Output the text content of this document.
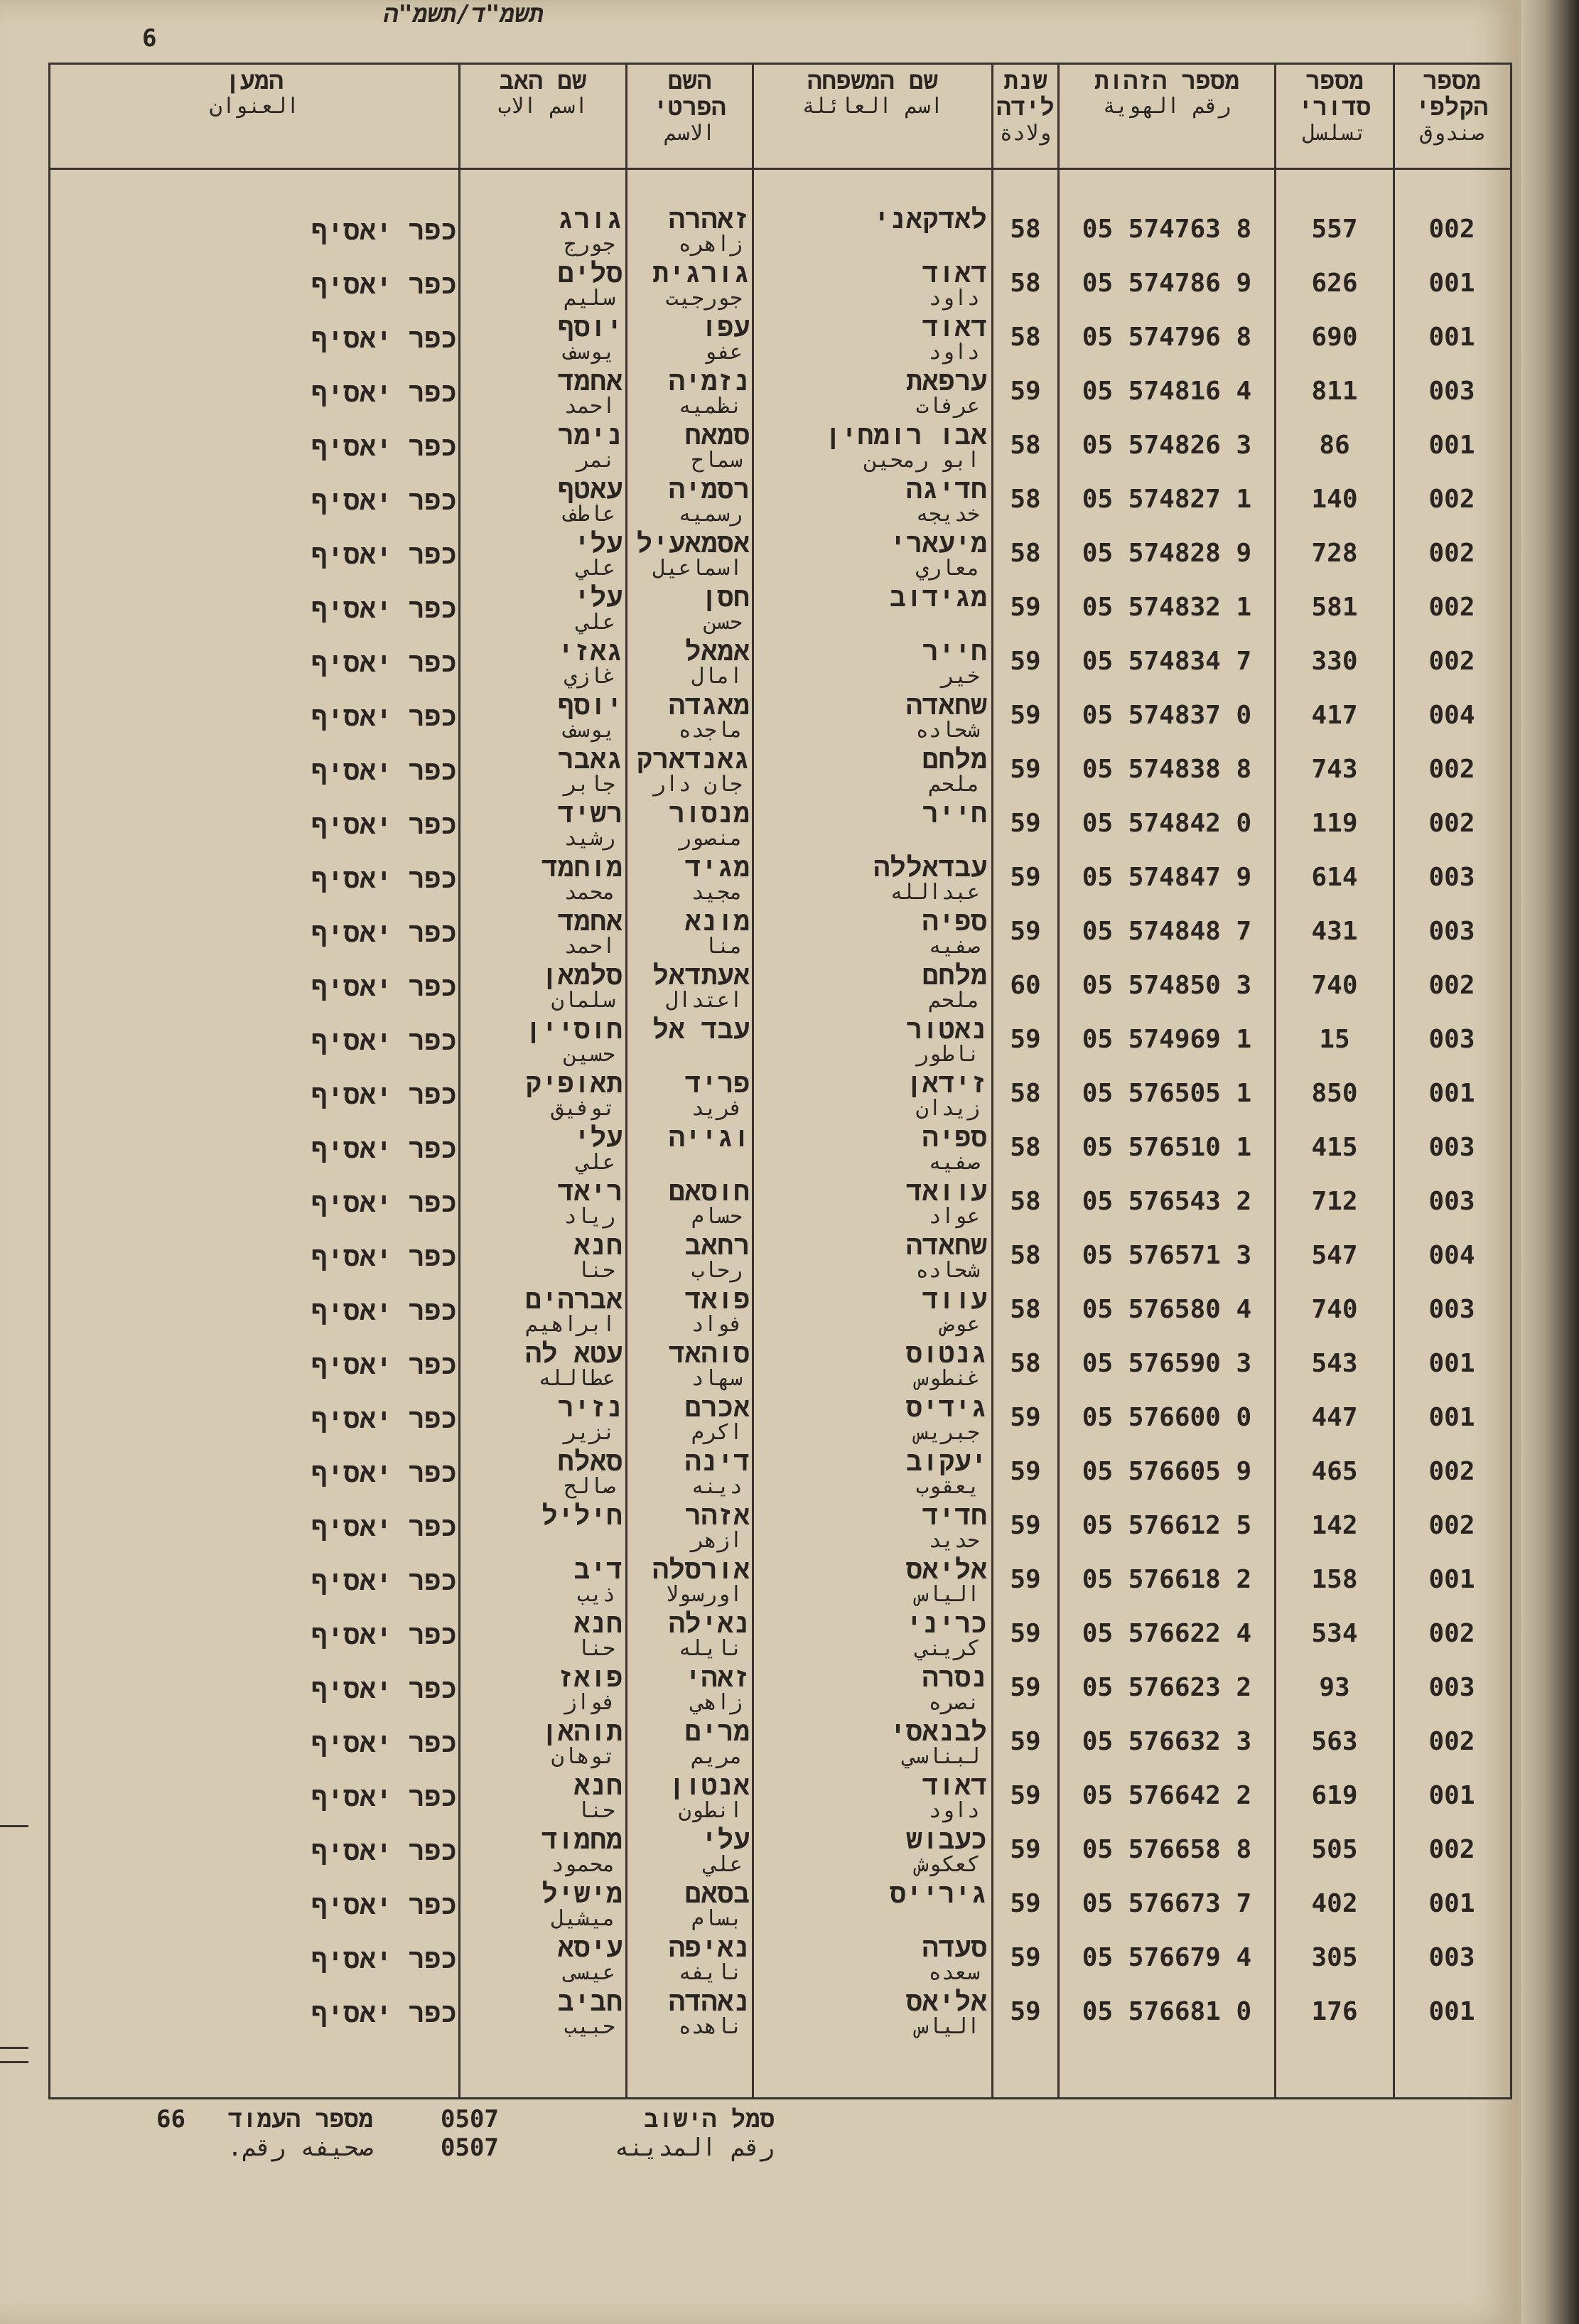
תשמ"ד/תשמ"ה
6
מספר הקלפי
صندوق
מספר סדורי
تسلسل
מספר הזהות
رقم الهوية
שנת לידה
ولادة
שם המשפחה
اسم العائلة
השם הפרטי
الاسم
שם האב
اسم الاب
המען
العنوان
002
557
05 574763 8
58
לאדקאני
זאהרה
زاهره
גורג
جورج
כפר יאסיף
001
626
05 574786 9
58
דאוד
داود
גורגית
جورجيت
סלים
سليم
כפר יאסיף
001
690
05 574796 8
58
דאוד
داود
עפו
عفو
יוסף
يوسف
כפר יאסיף
003
811
05 574816 4
59
ערפאת
عرفات
נזמיה
نظميه
אחמד
احمد
כפר יאסיף
001
86
05 574826 3
58
אבו רומחין
ابو رمحين
סמאח
سماح
נימר
نمر
כפר יאסיף
002
140
05 574827 1
58
חדיגה
خديجه
רסמיה
رسميه
עאטף
عاطف
כפר יאסיף
002
728
05 574828 9
58
מיעארי
معاري
אסמאעיל
اسماعيل
עלי
علي
כפר יאסיף
002
581
05 574832 1
59
מגידוב
חסן
حسن
עלי
علي
כפר יאסיף
002
330
05 574834 7
59
חייר
خير
אמאל
امال
גאזי
غازي
כפר יאסיף
004
417
05 574837 0
59
שחאדה
شحاده
מאגדה
ماجده
יוסף
يوسف
כפר יאסיף
002
743
05 574838 8
59
מלחם
ملحم
גאנדארק
جان دار
גאבר
جابر
כפר יאסיף
002
119
05 574842 0
59
חייר
מנסור
منصور
רשיד
رشيد
כפר יאסיף
003
614
05 574847 9
59
עבדאללה
عبدالله
מגיד
مجيد
מוחמד
محمد
כפר יאסיף
003
431
05 574848 7
59
ספיה
صفيه
מונא
منا
אחמד
احمد
כפר יאסיף
002
740
05 574850 3
60
מלחם
ملحم
אעתדאל
اعتدال
סלמאן
سلمان
כפר יאסיף
003
15
05 574969 1
59
נאטור
ناطور
עבד אל
חוסיין
حسين
כפר יאסיף
001
850
05 576505 1
58
זידאן
زيدان
פריד
فريد
תאופיק
توفيق
כפר יאסיף
003
415
05 576510 1
58
ספיה
صفيه
וגייה
עלי
علي
כפר יאסיף
003
712
05 576543 2
58
עוואד
عواد
חוסאם
حسام
ריאד
رياد
כפר יאסיף
004
547
05 576571 3
58
שחאדה
شحاده
רחאב
رحاب
חנא
حنا
כפר יאסיף
003
740
05 576580 4
58
עווד
عوض
פואד
فواد
אברהים
ابراهيم
כפר יאסיף
001
543
05 576590 3
58
גנטוס
غنطوس
סוהאד
سهاد
עטא לה
عطالله
כפר יאסיף
001
447
05 576600 0
59
גידיס
جبريس
אכרם
اكرم
נזיר
نزير
כפר יאסיף
002
465
05 576605 9
59
יעקוב
يعقوب
דינה
دينه
סאלח
صالح
כפר יאסיף
002
142
05 576612 5
59
חדיד
حديد
אזהר
ازهر
חיליל
כפר יאסיף
001
158
05 576618 2
59
אליאס
الياس
אורסלה
اورسولا
דיב
ذيب
כפר יאסיף
002
534
05 576622 4
59
כריני
كريني
נאילה
نايله
חנא
حنا
כפר יאסיף
003
93
05 576623 2
59
נסרה
نصره
זאהי
زاهي
פואז
فواز
כפר יאסיף
002
563
05 576632 3
59
לבנאסי
لبناسي
מרים
مريم
תוהאן
توهان
כפר יאסיף
001
619
05 576642 2
59
דאוד
داود
אנטון
انطون
חנא
حنا
כפר יאסיף
002
505
05 576658 8
59
כעבוש
كعكوش
עלי
علي
מחמוד
محمود
כפר יאסיף
001
402
05 576673 7
59
גירייס
בסאם
بسام
מישיל
ميشيل
כפר יאסיף
003
305
05 576679 4
59
סעדה
سعده
נאיפה
نايفه
עיסא
عيسى
כפר יאסיף
001
176
05 576681 0
59
אליאס
الياس
נאהדה
ناهده
חביב
حبيب
כפר יאסיף
66	מספר העמוד
صحيفه رقم.
0507
0507
סמל הישוב
رقم المدينه
